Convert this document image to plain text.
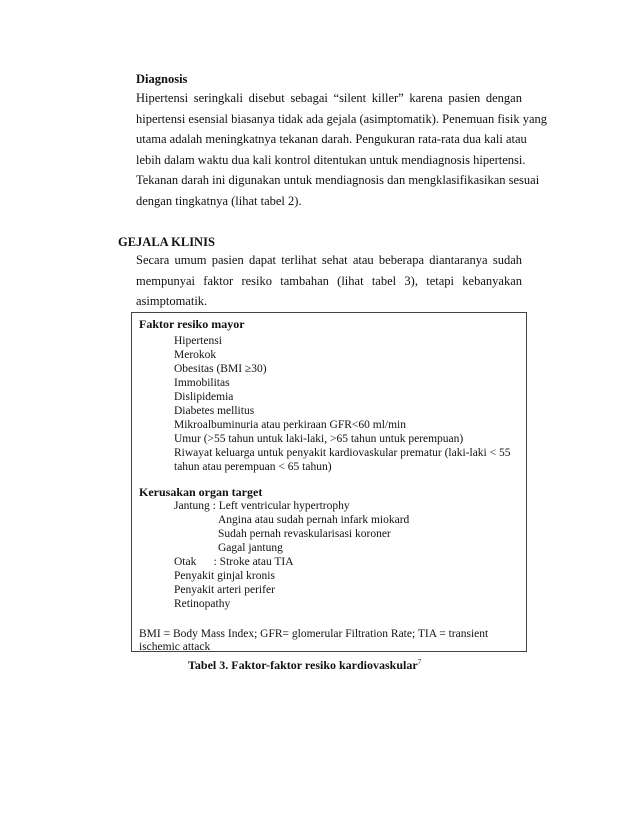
Diagnosis
Hipertensi seringkali disebut sebagai “silent killer” karena pasien dengan
hipertensi esensial biasanya tidak ada gejala (asimptomatik). Penemuan fisik yang
utama adalah meningkatnya tekanan darah. Pengukuran rata-rata dua kali atau
lebih dalam waktu dua kali kontrol ditentukan untuk mendiagnosis hipertensi.
Tekanan darah ini digunakan untuk mendiagnosis dan mengklasifikasikan sesuai
dengan tingkatnya (lihat tabel 2).
GEJALA KLINIS
Secara umum pasien dapat terlihat sehat atau beberapa diantaranya sudah
mempunyai faktor resiko tambahan (lihat tabel 3), tetapi kebanyakan
asimptomatik.
Faktor resiko mayor
Hipertensi
Merokok
Obesitas (BMI ≥30)
Immobilitas
Dislipidemia
Diabetes mellitus
Mikroalbuminuria atau perkiraan GFR<60 ml/min
Umur (>55 tahun untuk laki-laki, >65 tahun untuk perempuan)
Riwayat keluarga untuk penyakit kardiovaskular prematur (laki-laki < 55
tahun atau perempuan < 65 tahun)
Kerusakan organ target
Jantung : Left ventricular hypertrophy
Angina atau sudah pernah infark miokard
Sudah pernah revaskularisasi koroner
Gagal jantung
Otak      : Stroke atau TIA
Penyakit ginjal kronis
Penyakit arteri perifer
Retinopathy
BMI = Body Mass Index; GFR= glomerular Filtration Rate; TIA = transient
ischemic attack
Tabel 3. Faktor-faktor resiko kardiovaskular$^7$
